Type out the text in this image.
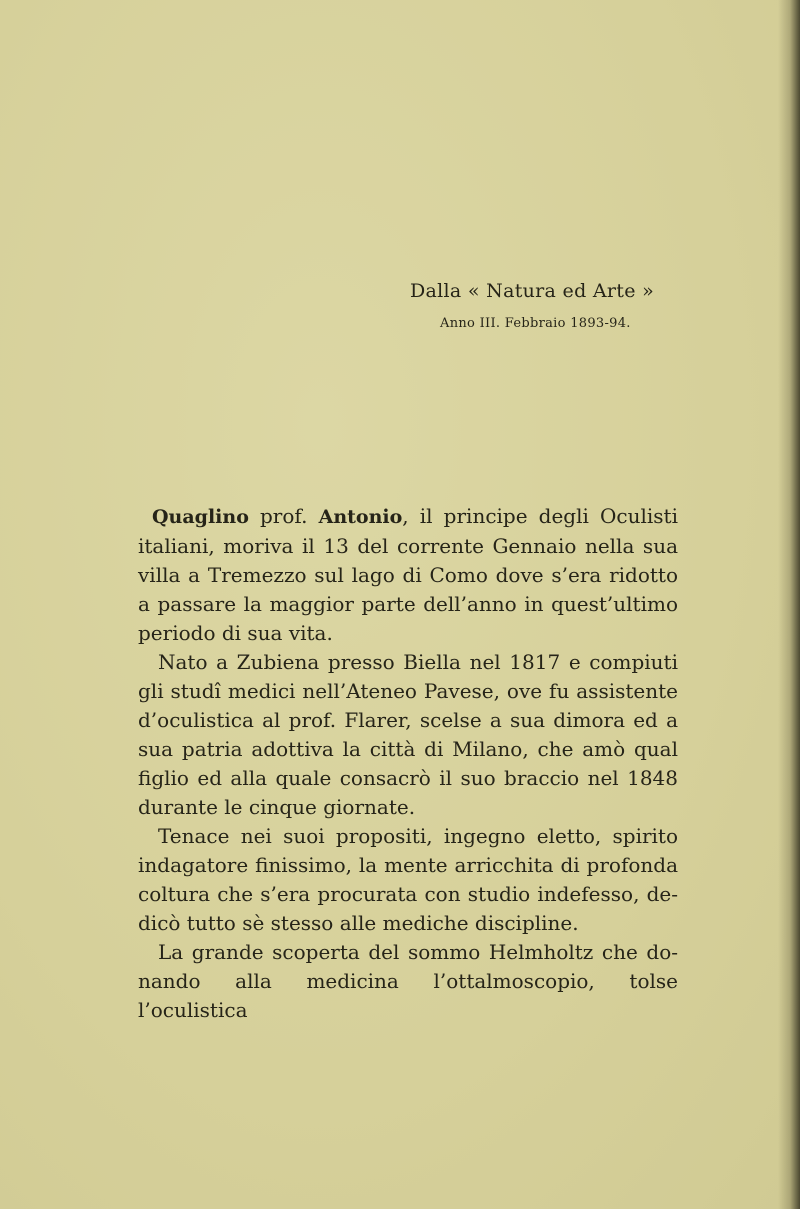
Dalla « Natura ed Arte »
Anno III. Febbraio 1893-94.

Quaglino prof. Antonio, il principe degli Oculisti italiani, moriva il 13 del corrente Gennaio nella sua villa a Tremezzo sul lago di Como dove s’era ridotto a passare la maggior parte dell’anno in quest’ultimo periodo di sua vita.

Nato a Zubiena presso Biella nel 1817 e compiuti gli studî medici nell’Ateneo Pavese, ove fu assistente d’oculistica al prof. Flarer, scelse a sua dimora ed a sua patria adottiva la città di Milano, che amò qual figlio ed alla quale consacrò il suo braccio nel 1848 durante le cinque giornate.

Tenace nei suoi propositi, ingegno eletto, spirito indagatore finissimo, la mente arricchita di profonda coltura che s’era procurata con studio indefesso, de- dicò tutto sè stesso alle mediche discipline.

La grande scoperta del sommo Helmholtz che do- nando alla medicina l’ottalmoscopio, tolse l’oculistica
